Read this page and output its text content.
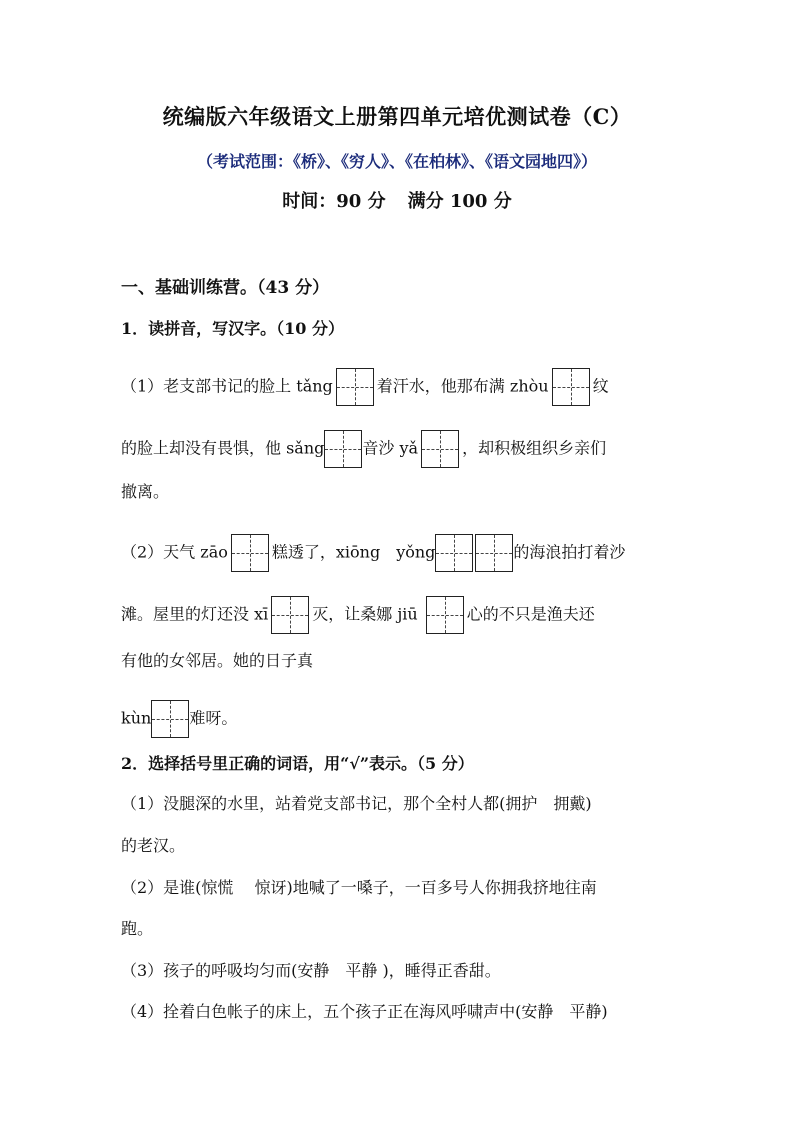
统编版六年级语文上册第四单元培优测试卷（C）
（考试范围：《桥》、《穷人》、《在柏林》、《语文园地四》）
时间：90 分 满分 100 分
一、基础训练营。（43 分）
1．读拼音，写汉字。（10 分）
（1）老支部书记的脸上 tǎng	着汗水，他那布满 zhòu	纹
的脸上却没有畏惧，他 sǎng 音沙 yǎ	，却积极组织乡亲们
撤离。
（2）天气 zāo	糕透了，xiōng　yǒng	的海浪拍打着沙
滩。屋里的灯还没 xī	灭，让桑娜 jiū	心的不只是渔夫还
有他的女邻居。她的日子真
kùn 难呀。
2．选择括号里正确的词语，用“√”表示。（5 分）
（1）没腿深的水里，站着党支部书记，那个全村人都(拥护　拥戴)
的老汉。
（2）是谁(惊慌　 惊讶)地喊了一嗓子，一百多号人你拥我挤地往南
跑。
（3）孩子的呼吸均匀而(安静　平静 )，睡得正香甜。
（4）拴着白色帐子的床上，五个孩子正在海风呼啸声中(安静　平静)
